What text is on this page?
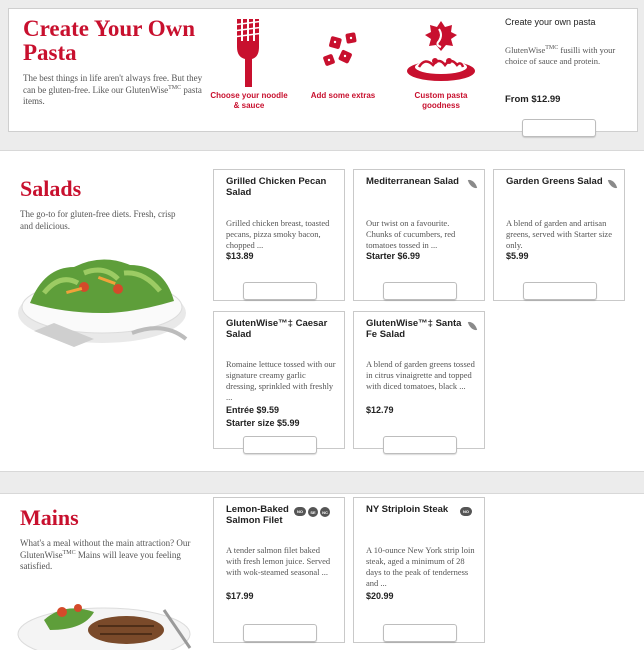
Create Your Own Pasta
The best things in life aren't always free. But they can be gluten-free. Like our GlutenWise$^{TMC}$ pasta items.
Choose your noodle & sauce
Add some extras	Custom pasta goodness
Create your own pasta
GlutenWise$^{TMC}$ fusilli with your choice of sauce and protein.
From $12.99
Salads
The go-to for gluten-free diets. Fresh, crisp and delicious.
Grilled Chicken Pecan Salad
Grilled chicken breast, toasted pecans, pizza smoky bacon, chopped ...
$13.89
Mediterranean Salad
Our twist on a favourite. Chunks of cucumbers, red tomatoes tossed in ...
Starter $6.99
Garden Greens Salad
A blend of garden and artisan greens, served with Starter size only.
$5.99
GlutenWise™‡ Caesar Salad
Romaine lettuce tossed with our signature creamy garlic dressing, sprinkled with freshly ...
Entrée $9.59
Starter size $5.99
GlutenWise™‡ Santa Fe Salad
A blend of garden greens tossed in citrus vinaigrette and topped with diced tomatoes, black ...
$12.79
Mains
What's a meal without the main attraction? Our GlutenWise$^{TMC}$ Mains will leave you feeling satisfied.
Lemon-Baked Salmon Filet
NO	SE	NC
A tender salmon filet baked with fresh lemon juice. Served with wok-steamed seasonal ...
$17.99
NY Striploin Steak	NO
A 10-ounce New York strip loin steak, aged a minimum of 28 days to the peak of tenderness and ...
$20.99
